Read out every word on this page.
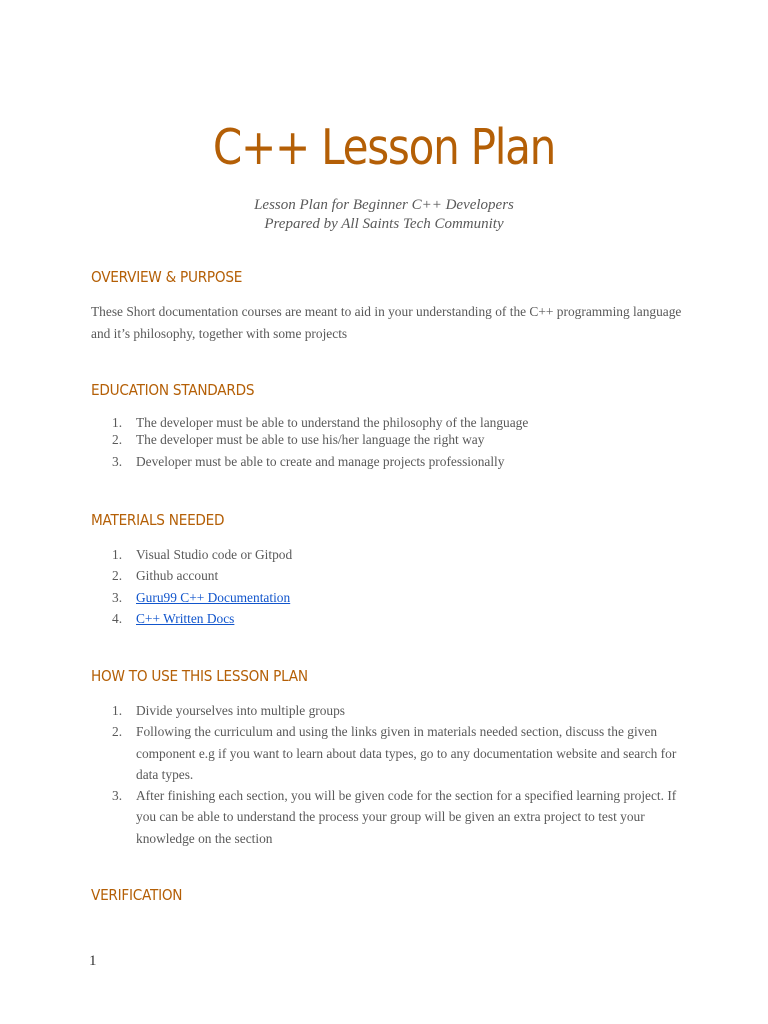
C++ Lesson Plan
Lesson Plan for Beginner C++ Developers
Prepared by All Saints Tech Community
OVERVIEW & PURPOSE
These Short documentation courses are meant to aid in your understanding of the C++ programming language and it’s philosophy, together with some projects
EDUCATION STANDARDS
1. The developer must be able to understand the philosophy of the language
2. The developer must be able to use his/her language the right way
3. Developer must be able to create and manage projects professionally
MATERIALS NEEDED
1. Visual Studio code or Gitpod
2. Github account
3. Guru99 C++ Documentation
4. C++ Written Docs
HOW TO USE THIS LESSON PLAN
1. Divide yourselves into multiple groups
2. Following the curriculum and using the links given in materials needed section, discuss the given component e.g if you want to learn about data types, go to any documentation website and search for data types.
3. After finishing each section, you will be given code for the section for a specified learning project. If you can be able to understand the process your group will be given an extra project to test your knowledge on the section
VERIFICATION
1
